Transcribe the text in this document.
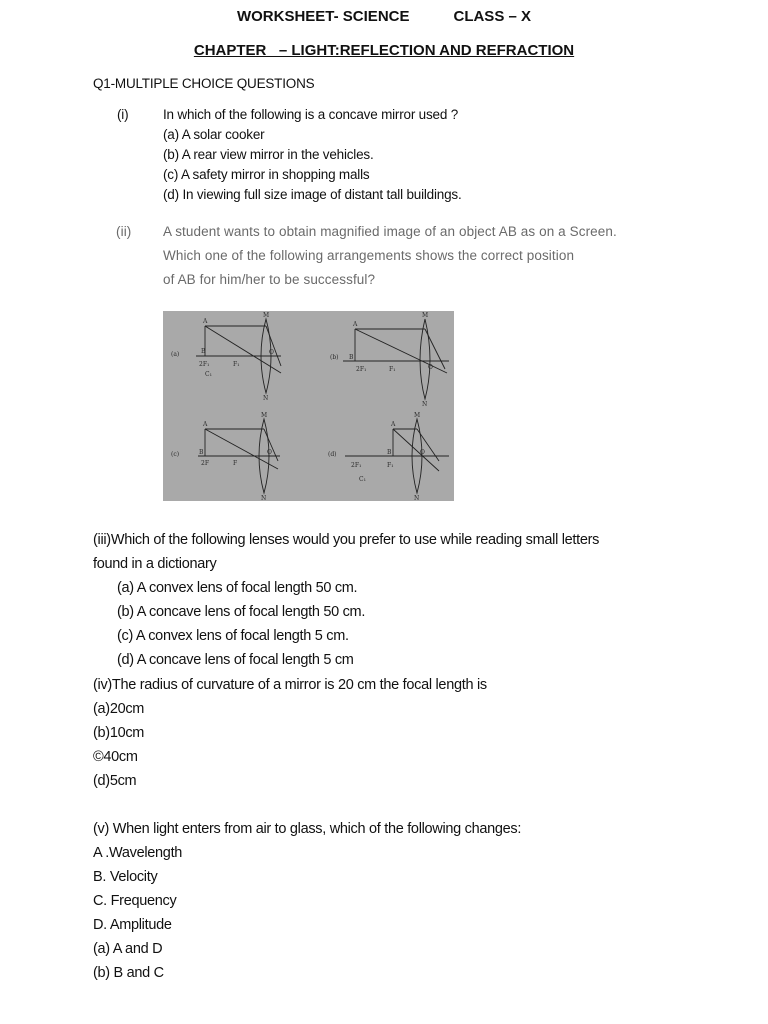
WORKSHEET- SCIENCE	CLASS – X
CHAPTER   – LIGHT:REFLECTION AND REFRACTION
Q1-MULTIPLE CHOICE QUESTIONS
(i)	In which of the following is a concave mirror used ?
(a) A solar cooker
(b) A rear view mirror in the vehicles.
(c) A safety mirror in shopping malls
(d) In viewing full size image of distant tall buildings.
(ii) A student wants to obtain magnified image of an object AB as on a Screen.
Which one of the following arrangements shows the correct position
of AB for him/her to be successful?
(a)	(b)
(c)	(d)
A
B
2F₁
C₁
F₁
M
N
O
A
B
2F₁	F₁
M
N
O
A
B
2F	F
M
N
O
A
B
2F₁
C₁
F₁
M
N
O
(iii)Which of the following lenses would you prefer to use while reading small letters
found in a dictionary
(a) A convex lens of focal length 50 cm.
(b) A concave lens of focal length 50 cm.
(c) A convex lens of focal length 5 cm.
(d) A concave lens of focal length 5 cm
(iv)The radius of curvature of a mirror is 20 cm the focal length is
(a)20cm
(b)10cm
©40cm
(d)5cm
(v) When light enters from air to glass, which of the following changes:
A .Wavelength
B. Velocity
C. Frequency
D. Amplitude
(a) A and D
(b) B and C
